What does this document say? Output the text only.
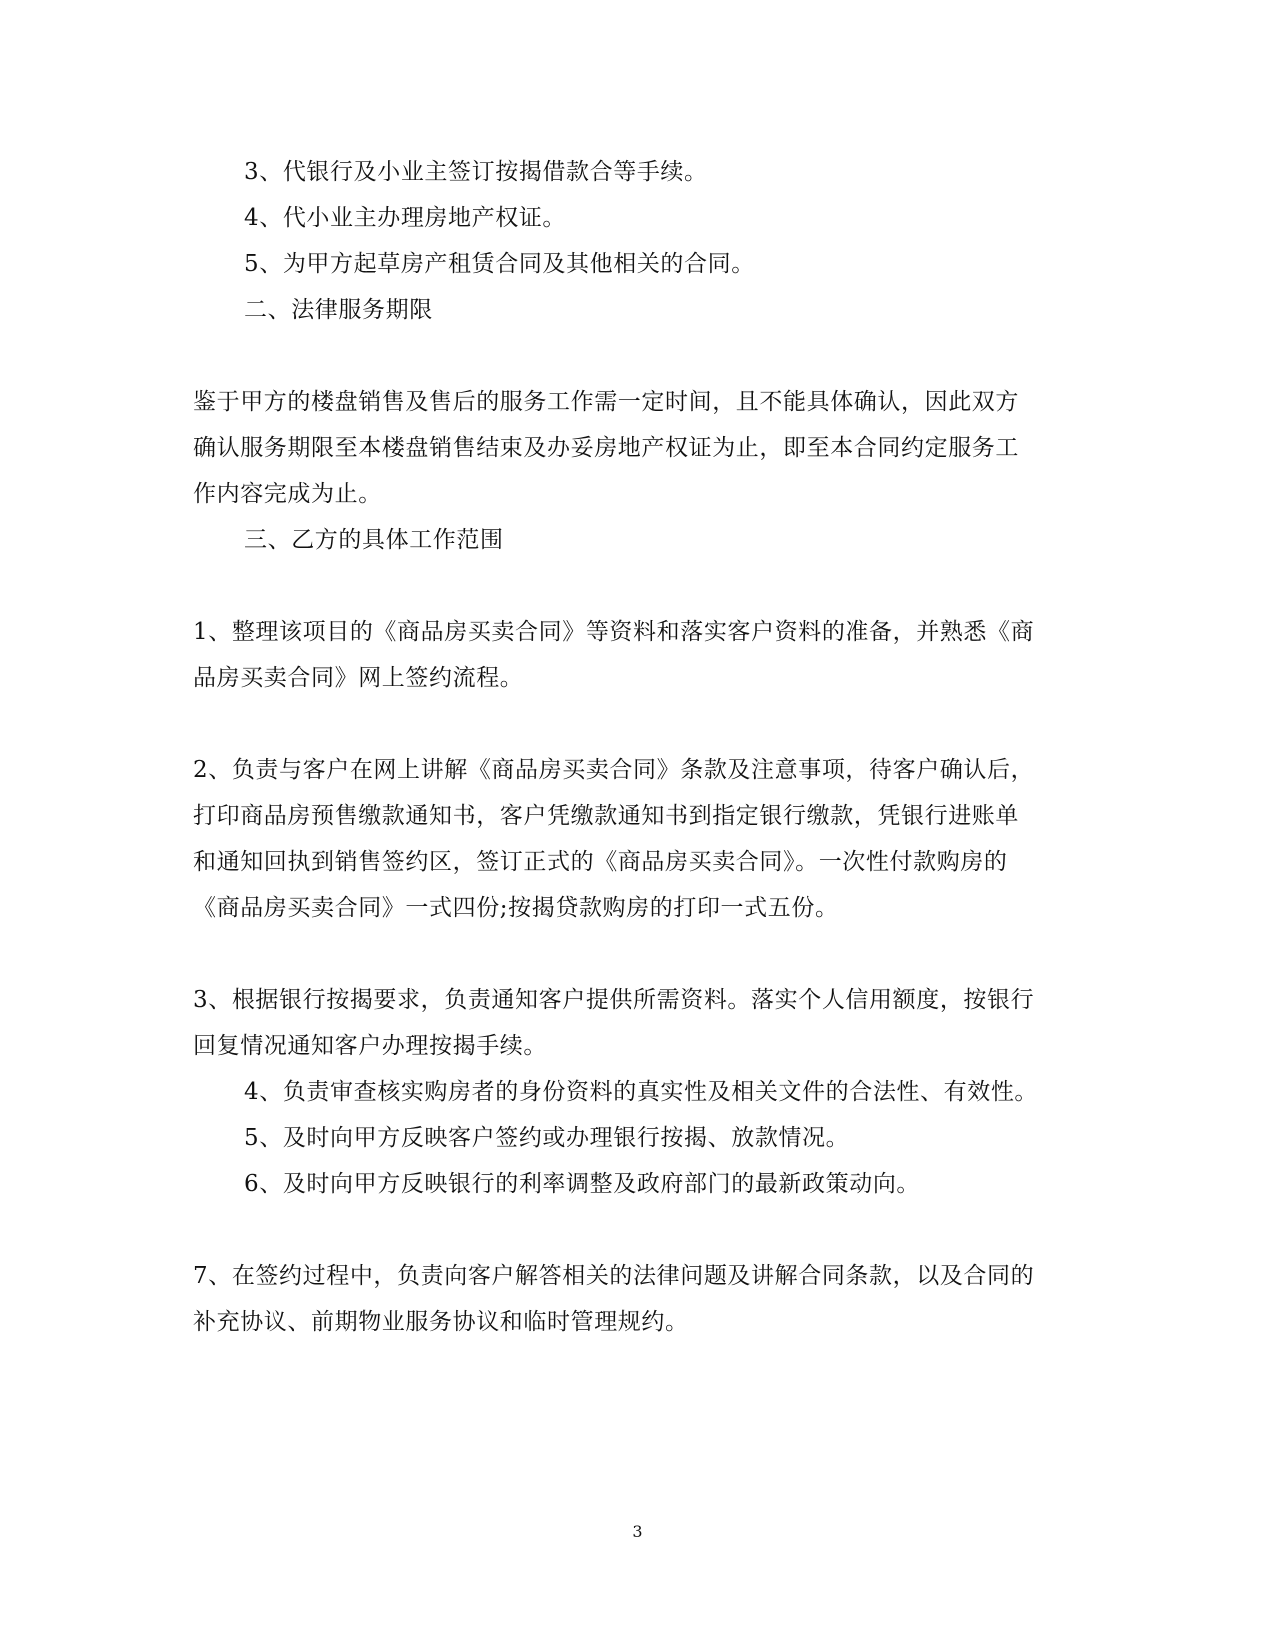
3、代银行及小业主签订按揭借款合等手续。
4、代小业主办理房地产权证。
5、为甲方起草房产租赁合同及其他相关的合同。
二、法律服务期限
鉴于甲方的楼盘销售及售后的服务工作需一定时间，且不能具体确认，因此双方
确认服务期限至本楼盘销售结束及办妥房地产权证为止，即至本合同约定服务工
作内容完成为止。
三、乙方的具体工作范围
1、整理该项目的《商品房买卖合同》等资料和落实客户资料的准备，并熟悉《商
品房买卖合同》网上签约流程。
2、负责与客户在网上讲解《商品房买卖合同》条款及注意事项，待客户确认后，
打印商品房预售缴款通知书，客户凭缴款通知书到指定银行缴款，凭银行进账单
和通知回执到销售签约区，签订正式的《商品房买卖合同》。一次性付款购房的
《商品房买卖合同》一式四份;按揭贷款购房的打印一式五份。
3、根据银行按揭要求，负责通知客户提供所需资料。落实个人信用额度，按银行
回复情况通知客户办理按揭手续。
4、负责审查核实购房者的身份资料的真实性及相关文件的合法性、有效性。
5、及时向甲方反映客户签约或办理银行按揭、放款情况。
6、及时向甲方反映银行的利率调整及政府部门的最新政策动向。
7、在签约过程中，负责向客户解答相关的法律问题及讲解合同条款，以及合同的
补充协议、前期物业服务协议和临时管理规约。
3
